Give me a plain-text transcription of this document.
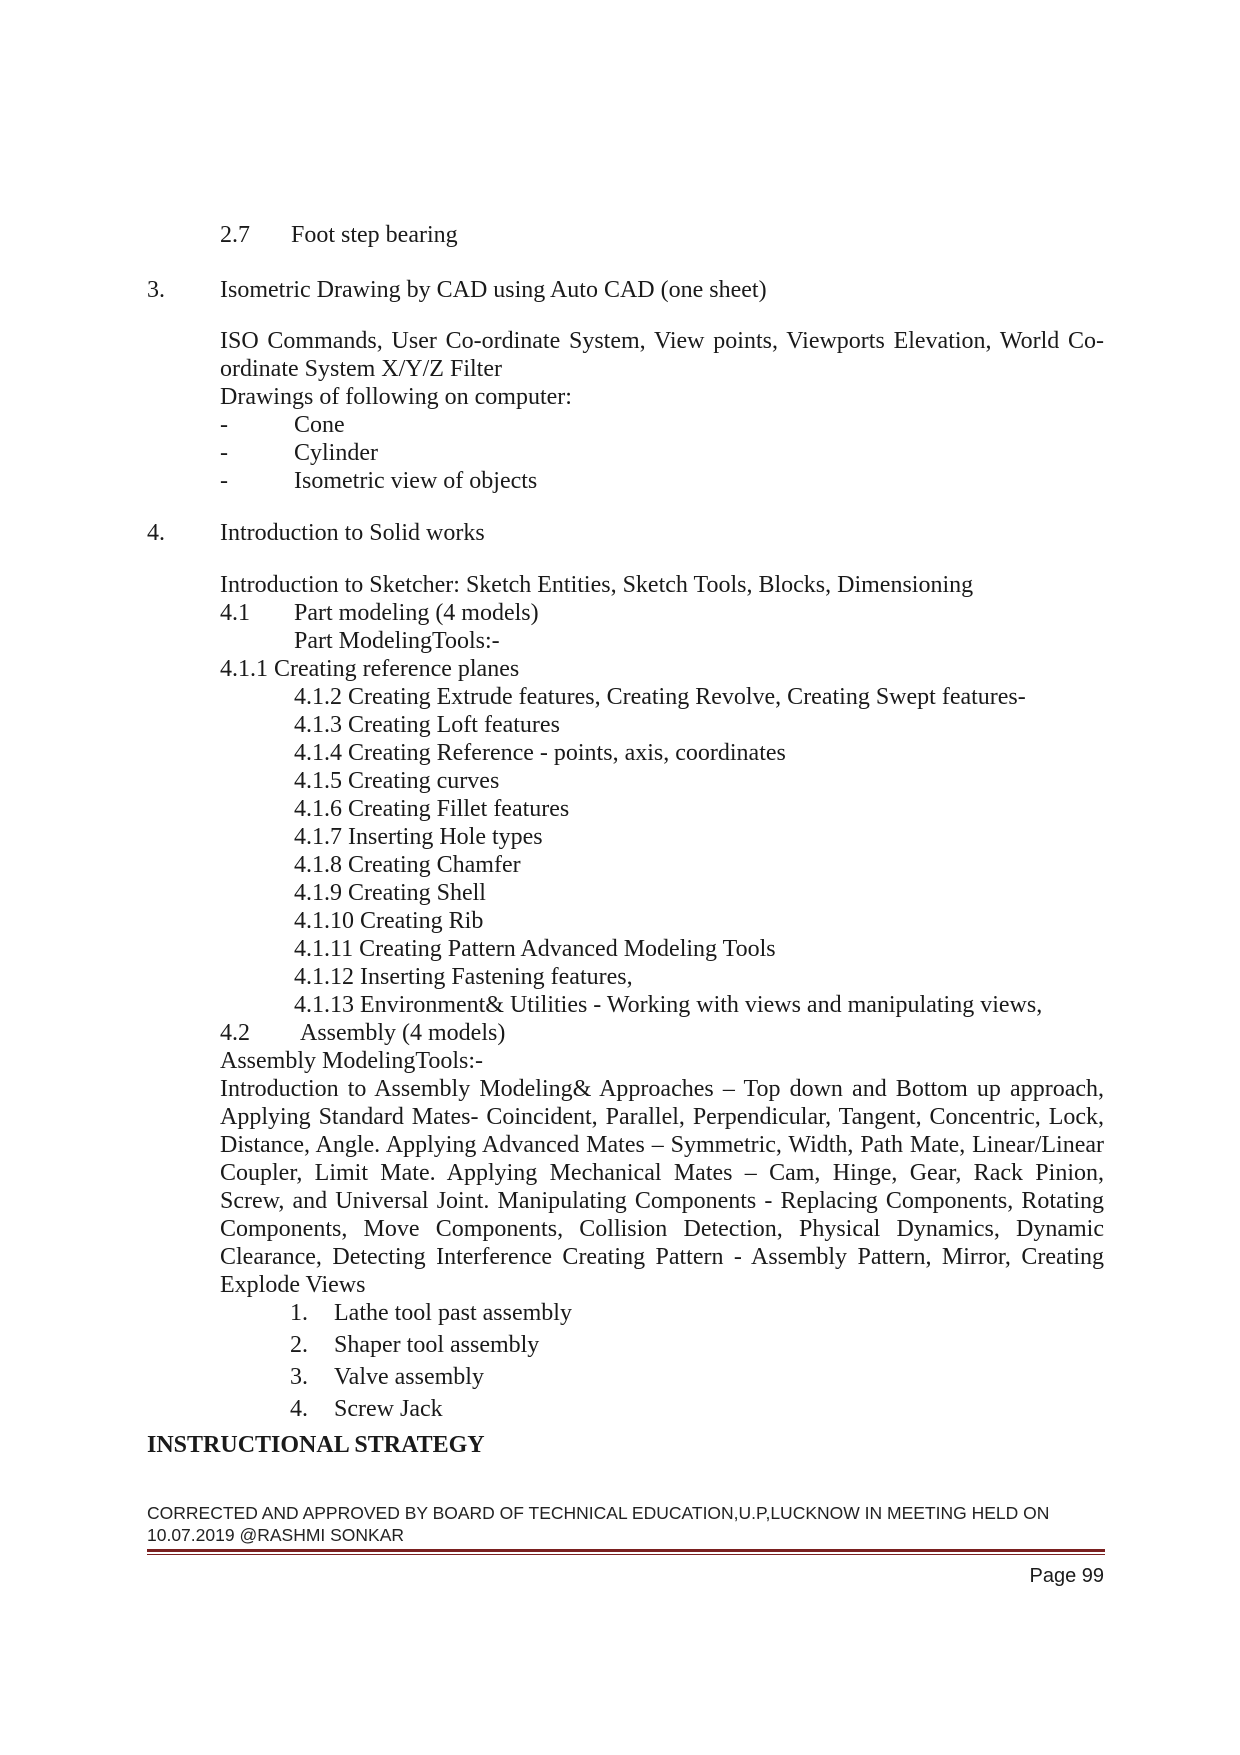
2.7 Foot step bearing
3. Isometric Drawing by CAD using Auto CAD (one sheet)
ISO Commands, User Co-ordinate System, View points, Viewports Elevation, World Co-ordinate System X/Y/Z Filter
Drawings of following on computer:
-	Cone
-	Cylinder
-	Isometric view of objects
4. Introduction to Solid works
Introduction to Sketcher: Sketch Entities, Sketch Tools, Blocks, Dimensioning
4.1 Part modeling (4 models)
Part ModelingTools:-
4.1.1 Creating reference planes
4.1.2 Creating Extrude features, Creating Revolve, Creating Swept features-
4.1.3 Creating Loft features
4.1.4 Creating Reference - points, axis, coordinates
4.1.5 Creating curves
4.1.6 Creating Fillet features
4.1.7 Inserting Hole types
4.1.8 Creating Chamfer
4.1.9 Creating Shell
4.1.10 Creating Rib
4.1.11 Creating Pattern Advanced Modeling Tools
4.1.12 Inserting Fastening features,
4.1.13 Environment& Utilities - Working with views and manipulating views,
4.2 Assembly (4 models)
Assembly ModelingTools:-
Introduction to Assembly Modeling& Approaches – Top down and Bottom up approach, Applying Standard Mates- Coincident, Parallel, Perpendicular, Tangent, Concentric, Lock, Distance, Angle. Applying Advanced Mates – Symmetric, Width, Path Mate, Linear/Linear Coupler, Limit Mate. Applying Mechanical Mates – Cam, Hinge, Gear, Rack Pinion, Screw, and Universal Joint. Manipulating Components - Replacing Components, Rotating Components, Move Components, Collision Detection, Physical Dynamics, Dynamic Clearance, Detecting Interference Creating Pattern - Assembly Pattern, Mirror, Creating Explode Views
1. Lathe tool past assembly
2. Shaper tool assembly
3. Valve assembly
4. Screw Jack
INSTRUCTIONAL STRATEGY
CORRECTED AND APPROVED BY BOARD OF TECHNICAL EDUCATION,U.P,LUCKNOW IN MEETING HELD ON
10.07.2019 @RASHMI SONKAR
Page 99
